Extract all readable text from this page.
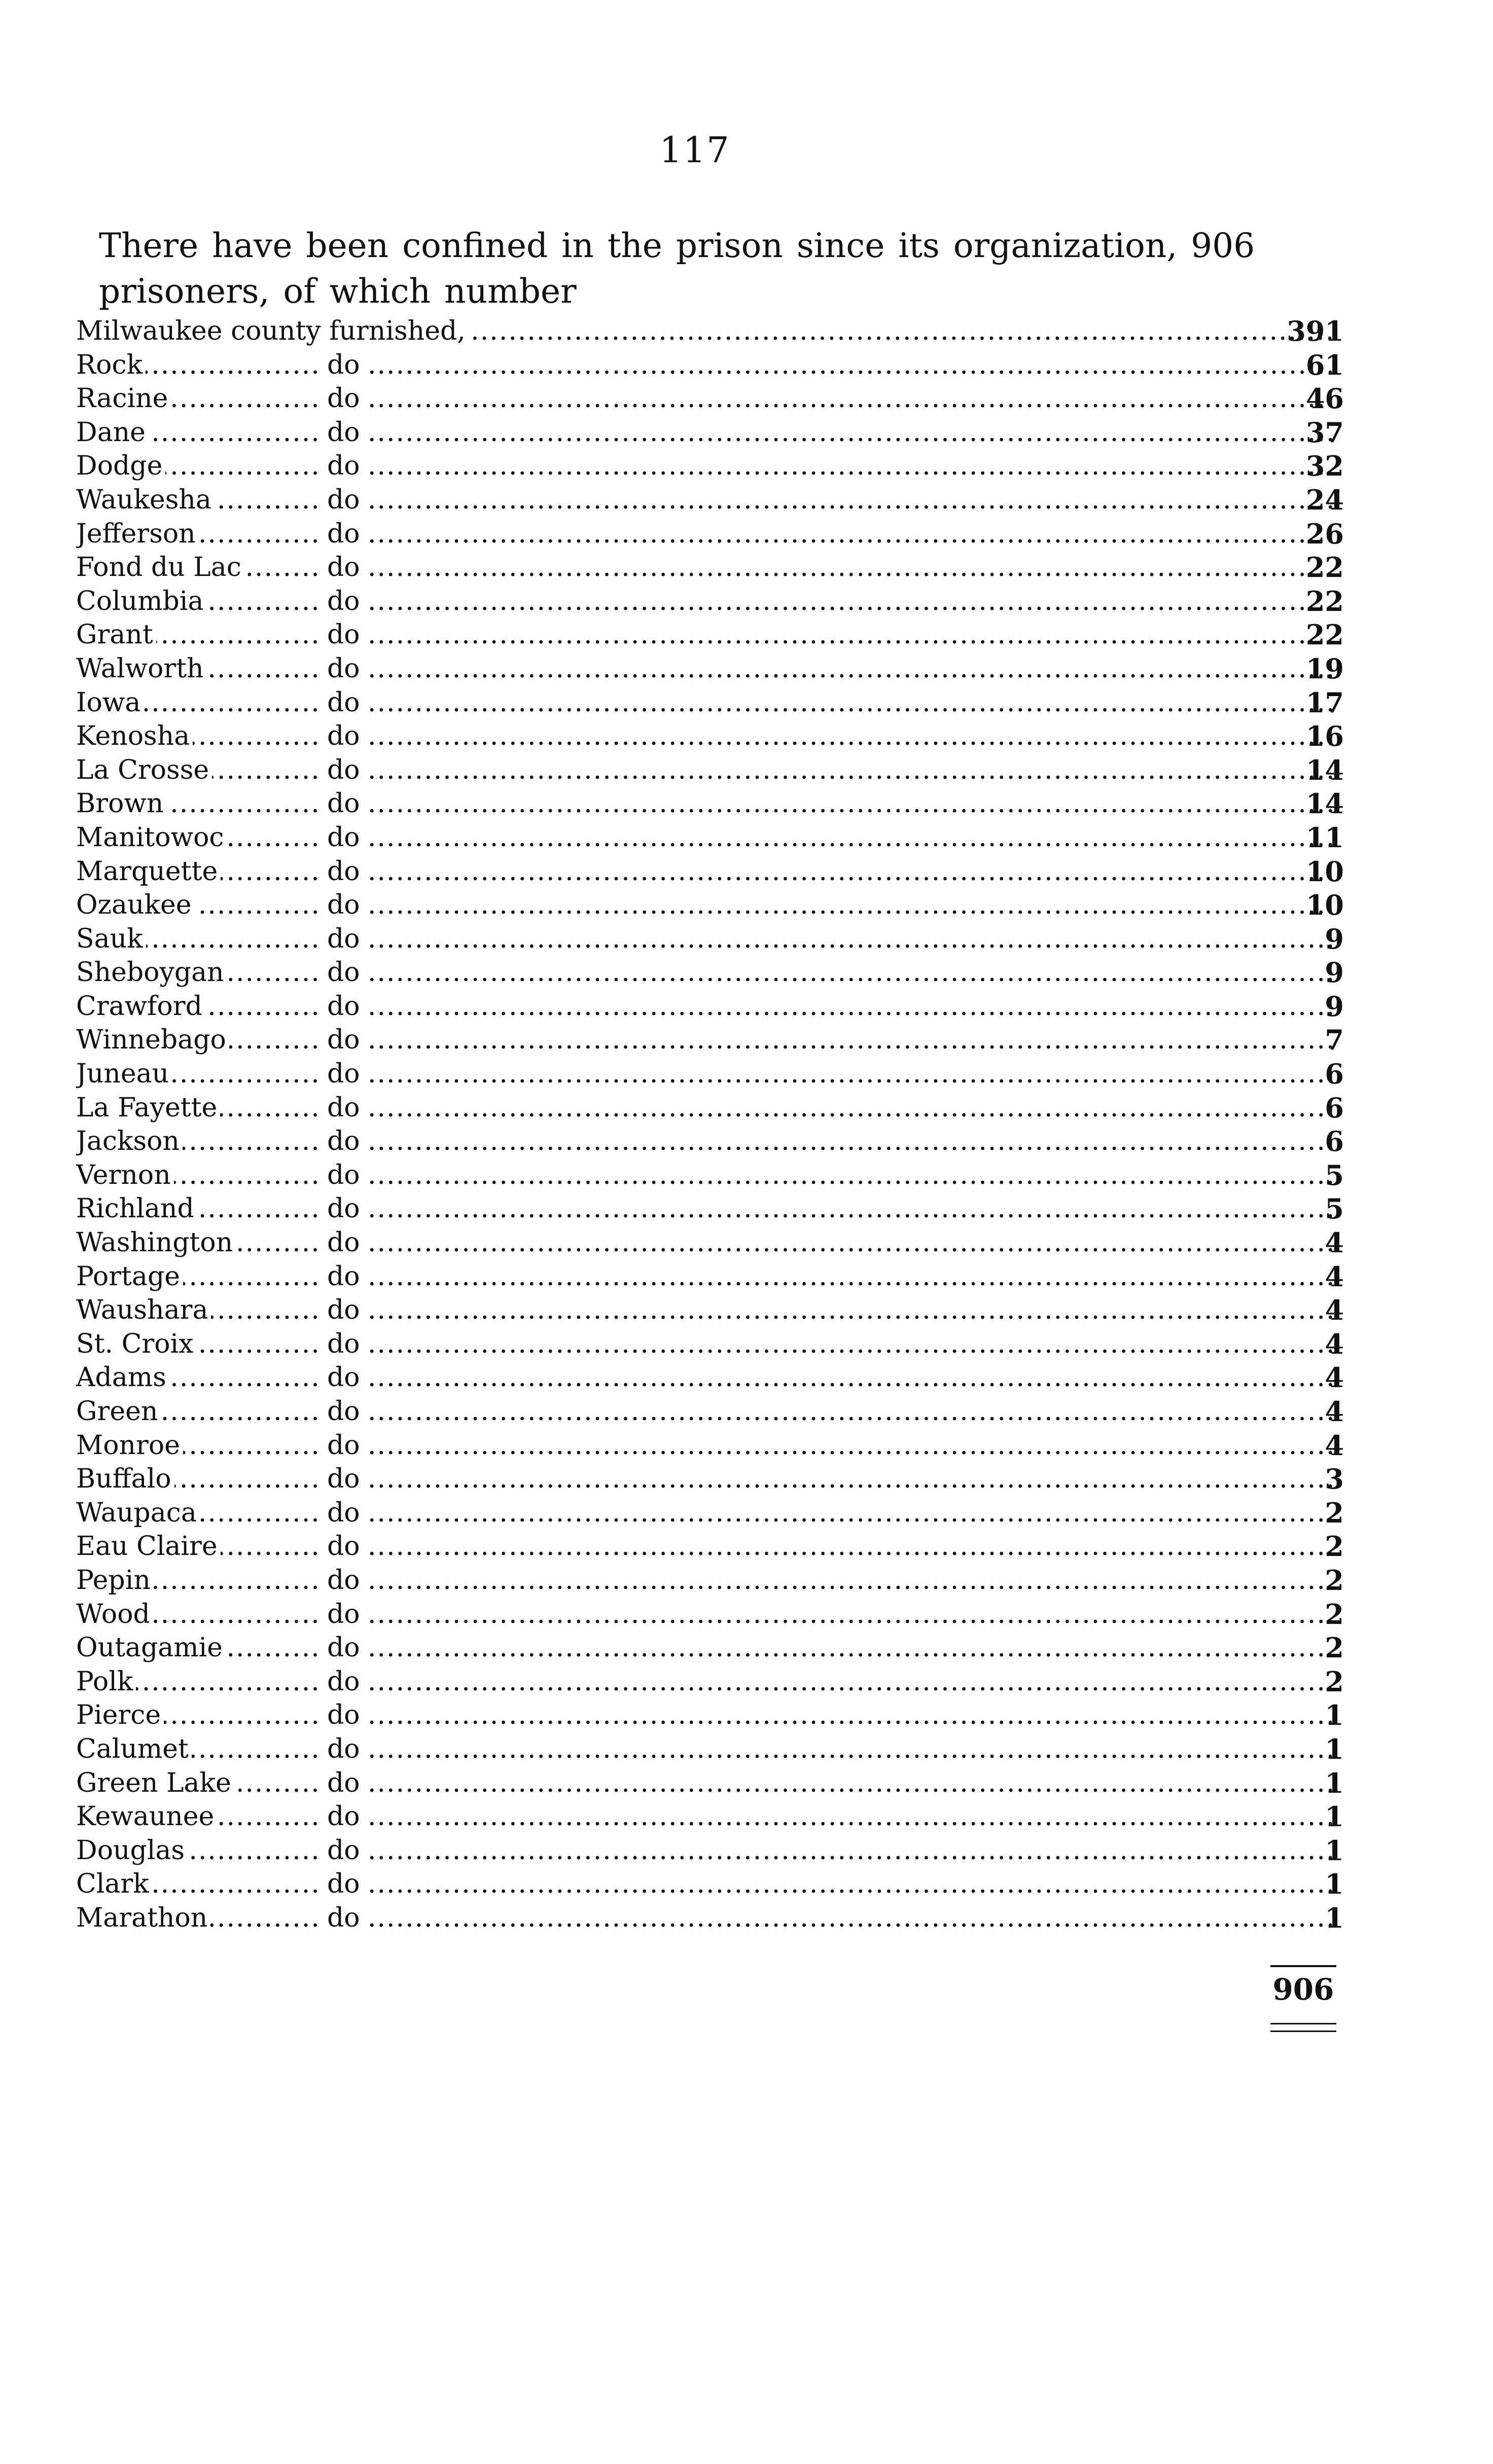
117
There have been confined in the prison since its organization, 906 prisoners, of which number
Milwaukee county furnished, ..... .....	391
Rock .....	do .....	61
Racine .....	do .....	46
Dane .....	do .....	37
Dodge .....	do .....	32
Waukesha .....	do .....	24
Jefferson .....	do .....	26
Fond du Lac .....	do .....	22
Columbia .....	do .....	22
Grant .....	do .....	22
Walworth .....	do .....	19
Iowa .....	do .....	17
Kenosha .....	do .....	16
La Crosse .....	do .....	14
Brown .....	do .....	14
Manitowoc .....	do .....	11
Marquette .....	do .....	10
Ozaukee .....	do .....	10
Sauk .....	do .....	9
Sheboygan .....	do .....	9
Crawford .....	do .....	9
Winnebago .....	do .....	7
Juneau .....	do .....	6
La Fayette .....	do .....	6
Jackson .....	do .....	6
Vernon .....	do .....	5
Richland .....	do .....	5
Washington .....	do .....	4
Portage .....	do .....	4
Waushara .....	do .....	4
St. Croix .....	do .....	4
Adams .....	do .....	4
Green .....	do .....	4
Monroe .....	do .....	4
Buffalo .....	do .....	3
Waupaca .....	do .....	2
Eau Claire .....	do .....	2
Pepin .....	do .....	2
Wood .....	do .....	2
Outagamie .....	do .....	2
Polk .....	do .....	2
Pierce .....	do .....	1
Calumet .....	do .....	1
Green Lake .....	do .....	1
Kewaunee .....	do .....	1
Douglas .....	do .....	1
Clark .....	do .....	1
Marathon .....	do .....	1
906
